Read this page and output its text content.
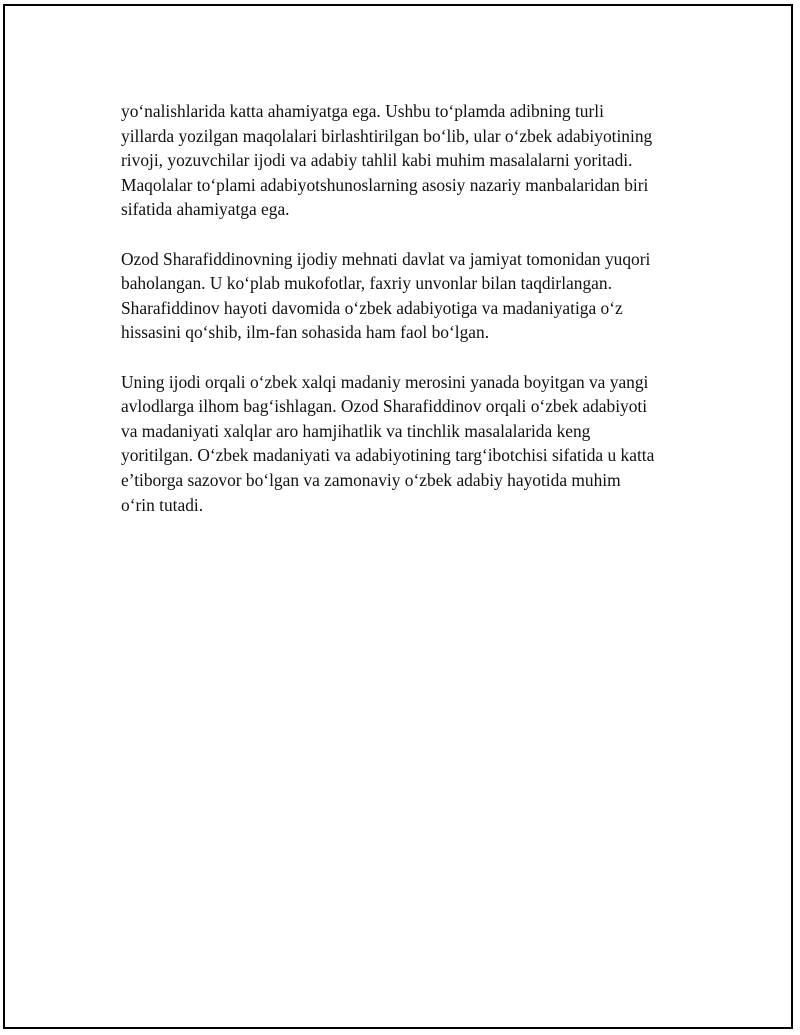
yo‘nalishlarida katta ahamiyatga ega. Ushbu to‘plamda adibning turli
yillarda yozilgan maqolalari birlashtirilgan bo‘lib, ular o‘zbek adabiyotining
rivoji, yozuvchilar ijodi va adabiy tahlil kabi muhim masalalarni yoritadi.
Maqolalar to‘plami adabiyotshunoslarning asosiy nazariy manbalaridan biri
sifatida ahamiyatga ega.

Ozod Sharafiddinovning ijodiy mehnati davlat va jamiyat tomonidan yuqori
baholangan. U ko‘plab mukofotlar, faxriy unvonlar bilan taqdirlangan.
Sharafiddinov hayoti davomida o‘zbek adabiyotiga va madaniyatiga o‘z
hissasini qo‘shib, ilm-fan sohasida ham faol bo‘lgan.

Uning ijodi orqali o‘zbek xalqi madaniy merosini yanada boyitgan va yangi
avlodlarga ilhom bag‘ishlagan. Ozod Sharafiddinov orqali o‘zbek adabiyoti
va madaniyati xalqlar aro hamjihatlik va tinchlik masalalarida keng
yoritilgan. O‘zbek madaniyati va adabiyotining targ‘ibotchisi sifatida u katta
e’tiborga sazovor bo‘lgan va zamonaviy o‘zbek adabiy hayotida muhim
o‘rin tutadi.
